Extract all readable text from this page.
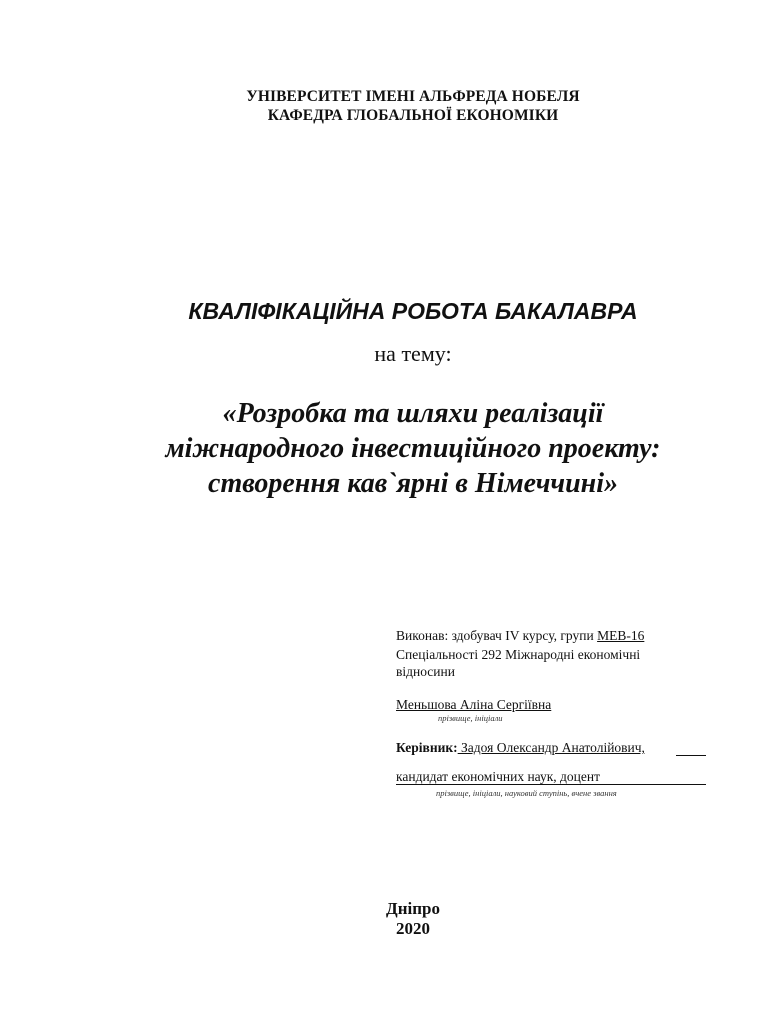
УНІВЕРСИТЕТ ІМЕНІ АЛЬФРЕДА НОБЕЛЯ
КАФЕДРА ГЛОБАЛЬНОЇ ЕКОНОМІКИ
КВАЛІФІКАЦІЙНА РОБОТА БАКАЛАВРА
на тему:
«Розробка та шляхи реалізації
міжнародного інвестиційного проекту:
створення кав`ярні в Німеччині»
Виконав: здобувач IV курсу, групи МЕВ-16
Спеціальності 292 Міжнародні економічні
відносини
Меньшова Аліна Сергіївна
прізвище, ініціали
Керівник: Задоя Олександр Анатолійович,
кандидат економічних наук, доцент
прізвище, ініціали, науковий ступінь, вчене звання
Дніпро
2020
